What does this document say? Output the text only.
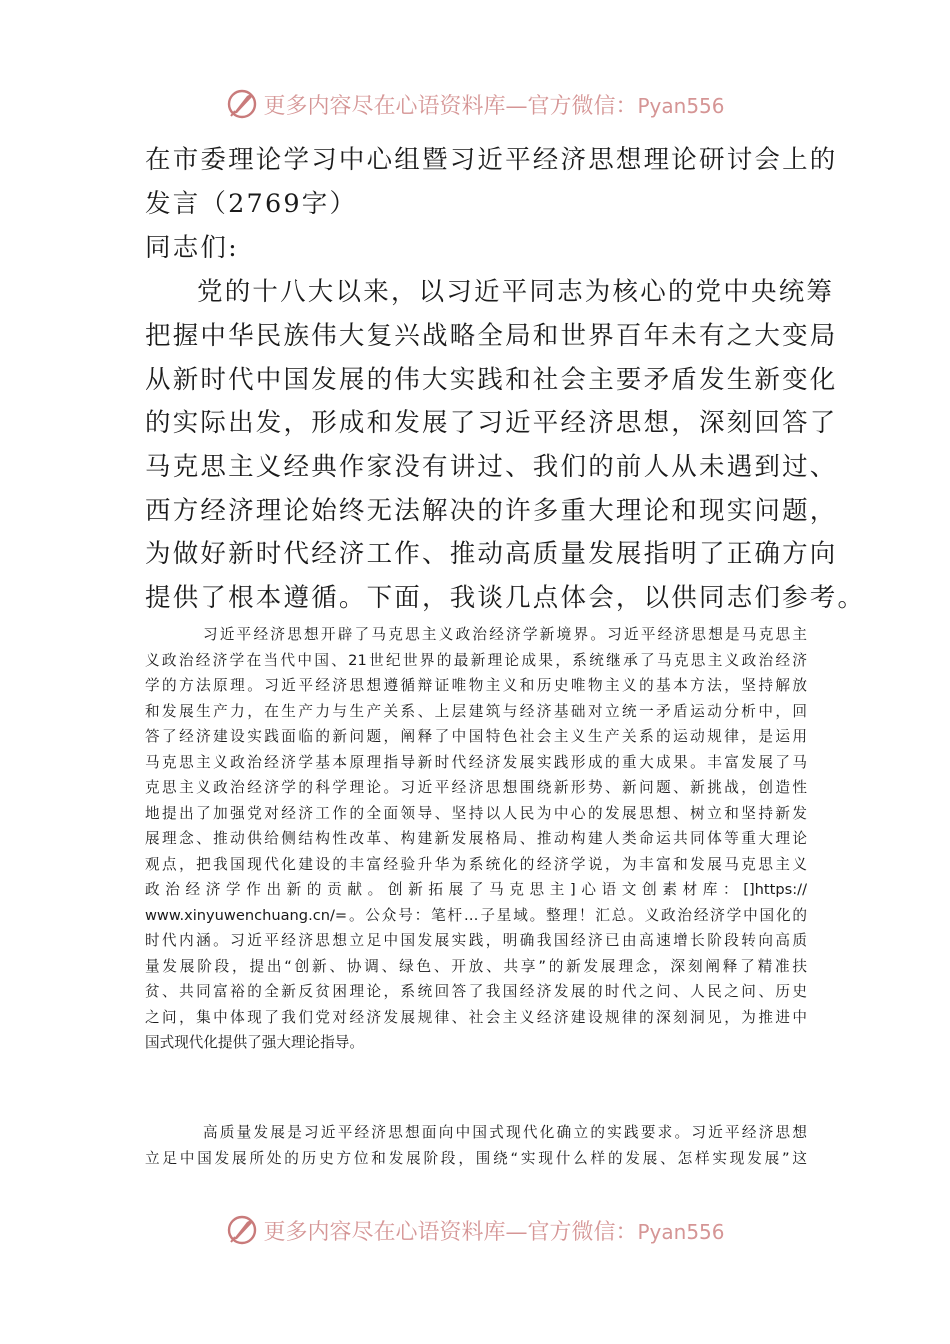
更多内容尽在心语资料库—官方微信：Pyan556
在市委理论学习中心组暨习近平经济思想理论研讨会上的
发言（2769字）
同志们:
党的十八大以来，以习近平同志为核心的党中央统筹
把握中华民族伟大复兴战略全局和世界百年未有之大变局
从新时代中国发展的伟大实践和社会主要矛盾发生新变化
的实际出发，形成和发展了习近平经济思想，深刻回答了
马克思主义经典作家没有讲过、我们的前人从未遇到过、
西方经济理论始终无法解决的许多重大理论和现实问题，
为做好新时代经济工作、推动高质量发展指明了正确方向
提供了根本遵循。下面，我谈几点体会，以供同志们参考。
习近平经济思想开辟了马克思主义政治经济学新境界。习近平经济思想是马克思主
义政治经济学在当代中国、21世纪世界的最新理论成果，系统继承了马克思主义政治经济
学的方法原理。习近平经济思想遵循辩证唯物主义和历史唯物主义的基本方法，坚持解放
和发展生产力，在生产力与生产关系、上层建筑与经济基础对立统一矛盾运动分析中，回
答了经济建设实践面临的新问题，阐释了中国特色社会主义生产关系的运动规律，是运用
马克思主义政治经济学基本原理指导新时代经济发展实践形成的重大成果。丰富发展了马
克思主义政治经济学的科学理论。习近平经济思想围绕新形势、新问题、新挑战，创造性
地提出了加强党对经济工作的全面领导、坚持以人民为中心的发展思想、树立和坚持新发
展理念、推动供给侧结构性改革、构建新发展格局、推动构建人类命运共同体等重大理论
观点，把我国现代化建设的丰富经验升华为系统化的经济学说，为丰富和发展马克思主义
政治经济学作出新的贡献。创新拓展了马克思主]心语文创素材库：[]https://
www.xinyuwenchuang.cn/=。公众号：笔杆…子星域。整理！汇总。义政治经济学中国化的
时代内涵。习近平经济思想立足中国发展实践，明确我国经济已由高速增长阶段转向高质
量发展阶段，提出“创新、协调、绿色、开放、共享”的新发展理念，深刻阐释了精准扶
贫、共同富裕的全新反贫困理论，系统回答了我国经济发展的时代之问、人民之问、历史
之问，集中体现了我们党对经济发展规律、社会主义经济建设规律的深刻洞见，为推进中
国式现代化提供了强大理论指导。
高质量发展是习近平经济思想面向中国式现代化确立的实践要求。习近平经济思想
立足中国发展所处的历史方位和发展阶段，围绕“实现什么样的发展、怎样实现发展”这
更多内容尽在心语资料库—官方微信：Pyan556
